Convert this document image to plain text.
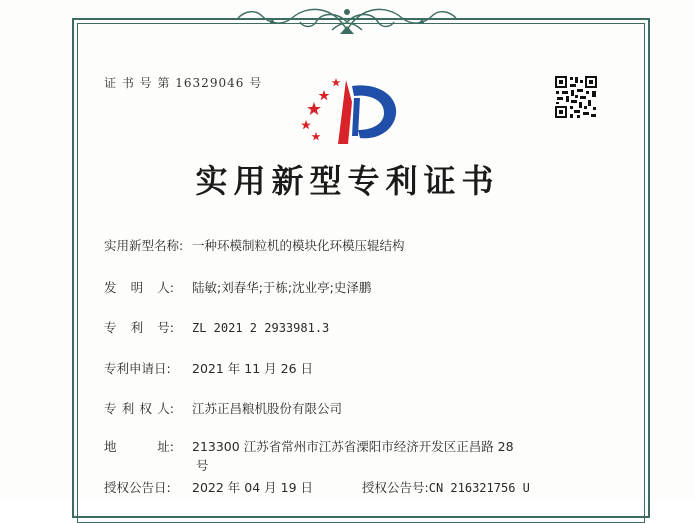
证 书 号 第 16329046 号
实用新型专利证书
实用新型名称: 一种环模制粒机的模块化环模压辊结构
发 明 人: 陆敏;刘春华;于栋;沈业亭;史泽鹏
专 利 号: ZL 2021 2 2933981.3
专利申请日: 2021 年 11 月 26 日
专 利 权 人: 江苏正昌粮机股份有限公司
地	址: 213300 江苏省常州市江苏省溧阳市经济开发区正昌路 28
号
授权公告日: 2022 年 04 月 19 日	授权公告号:CN 216321756 U
